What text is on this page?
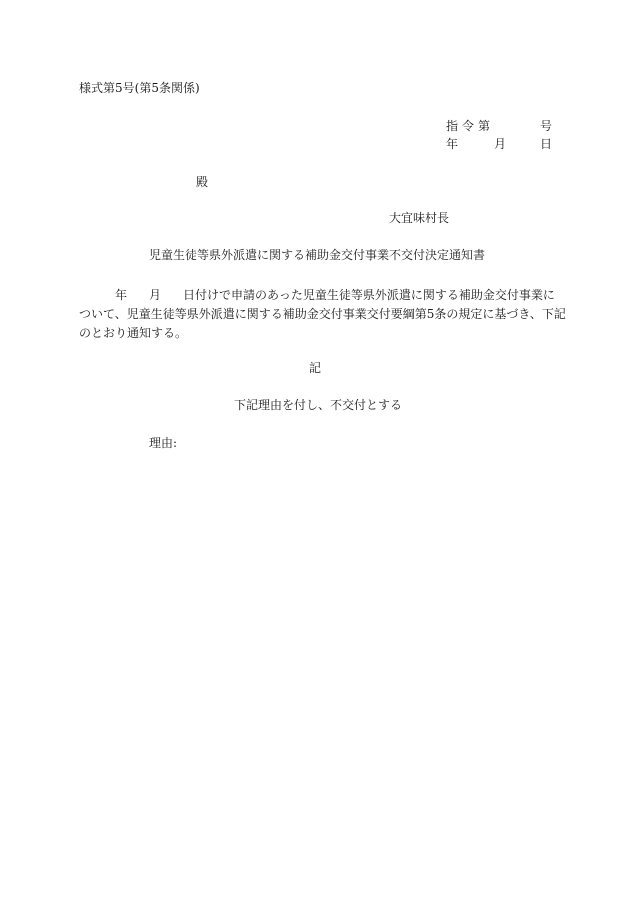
様式第5号(第5条関係)
指 令 第	号
年	月	日
殿
大宜味村長
児童生徒等県外派遣に関する補助金交付事業不交付決定通知書
年 月 日付けで申請のあった児童生徒等県外派遣に関する補助金交付事業に
ついて、児童生徒等県外派遣に関する補助金交付事業交付要綱第5条の規定に基づき、下記
のとおり通知する。
記
下記理由を付し、不交付とする
理由:
